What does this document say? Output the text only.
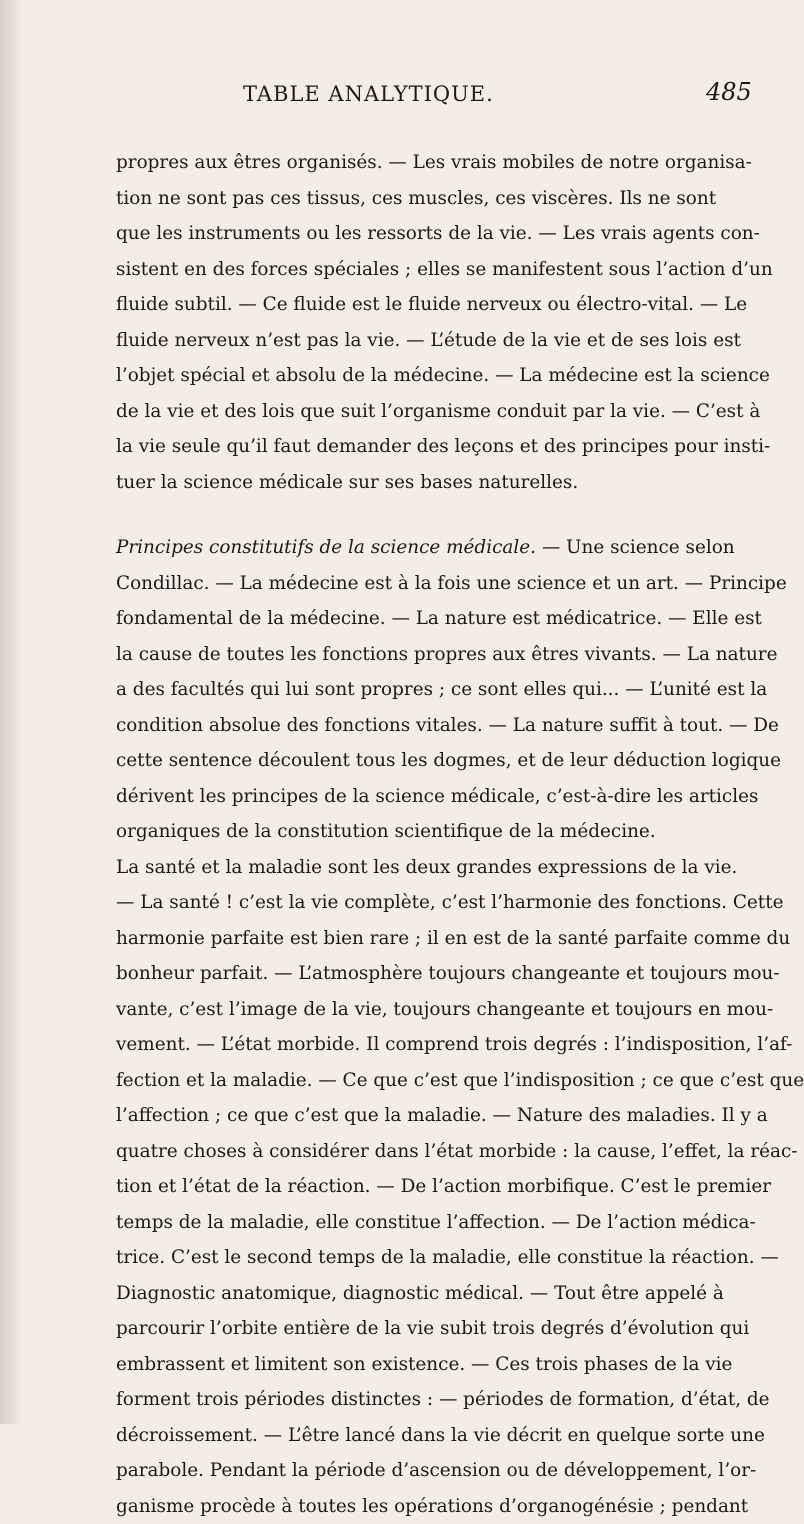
TABLE ANALYTIQUE.	485
propres aux êtres organisés. — Les vrais mobiles de notre organisa-
tion ne sont pas ces tissus, ces muscles, ces viscères. Ils ne sont
que les instruments ou les ressorts de la vie. — Les vrais agents con-
sistent en des forces spéciales ; elles se manifestent sous l’action d’un
fluide subtil. — Ce fluide est le fluide nerveux ou électro-vital. — Le
fluide nerveux n’est pas la vie. — L’étude de la vie et de ses lois est
l’objet spécial et absolu de la médecine. — La médecine est la science
de la vie et des lois que suit l’organisme conduit par la vie. — C’est à
la vie seule qu’il faut demander des leçons et des principes pour insti-
tuer la science médicale sur ses bases naturelles.
Principes constitutifs de la science médicale. — Une science selon
Condillac. — La médecine est à la fois une science et un art. — Principe
fondamental de la médecine. — La nature est médicatrice. — Elle est
la cause de toutes les fonctions propres aux êtres vivants. — La nature
a des facultés qui lui sont propres ; ce sont elles qui... — L’unité est la
condition absolue des fonctions vitales. — La nature suffit à tout. — De
cette sentence découlent tous les dogmes, et de leur déduction logique
dérivent les principes de la science médicale, c’est-à-dire les articles
organiques de la constitution scientifique de la médecine.
La santé et la maladie sont les deux grandes expressions de la vie.
— La santé ! c’est la vie complète, c’est l’harmonie des fonctions. Cette
harmonie parfaite est bien rare ; il en est de la santé parfaite comme du
bonheur parfait. — L’atmosphère toujours changeante et toujours mou-
vante, c’est l’image de la vie, toujours changeante et toujours en mou-
vement. — L’état morbide. Il comprend trois degrés : l’indisposition, l’af-
fection et la maladie. — Ce que c’est que l’indisposition ; ce que c’est que
l’affection ; ce que c’est que la maladie. — Nature des maladies. Il y a
quatre choses à considérer dans l’état morbide : la cause, l’effet, la réac-
tion et l’état de la réaction. — De l’action morbifique. C’est le premier
temps de la maladie, elle constitue l’affection. — De l’action médica-
trice. C’est le second temps de la maladie, elle constitue la réaction. —
Diagnostic anatomique, diagnostic médical. — Tout être appelé à
parcourir l’orbite entière de la vie subit trois degrés d’évolution qui
embrassent et limitent son existence. — Ces trois phases de la vie
forment trois périodes distinctes : — périodes de formation, d’état, de
décroissement. — L’être lancé dans la vie décrit en quelque sorte une
parabole. Pendant la période d’ascension ou de développement, l’or-
ganisme procède à toutes les opérations d’organogénésie ; pendant
